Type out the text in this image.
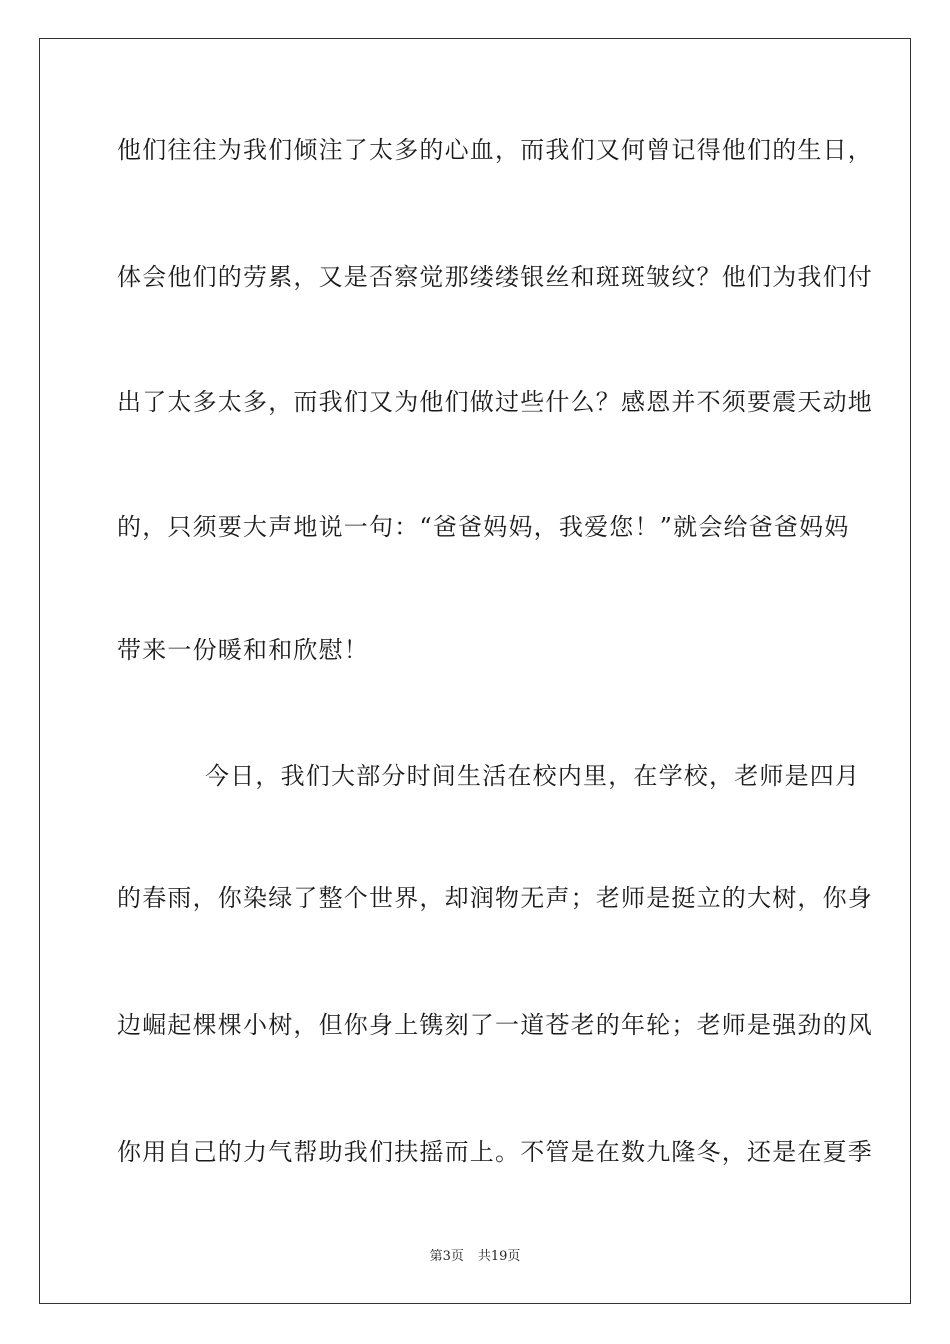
他们往往为我们倾注了太多的心血，而我们又何曾记得他们的生日，
体会他们的劳累，又是否察觉那缕缕银丝和斑斑皱纹？他们为我们付
出了太多太多，而我们又为他们做过些什么？感恩并不须要震天动地
的，只须要大声地说一句：“爸爸妈妈，我爱您！”就会给爸爸妈妈
带来一份暖和和欣慰！
今日，我们大部分时间生活在校内里，在学校，老师是四月
的春雨，你染绿了整个世界，却润物无声；老师是挺立的大树，你身
边崛起棵棵小树，但你身上镌刻了一道苍老的年轮；老师是强劲的风
你用自己的力气帮助我们扶摇而上。不管是在数九隆冬，还是在夏季
第3页 共19页
